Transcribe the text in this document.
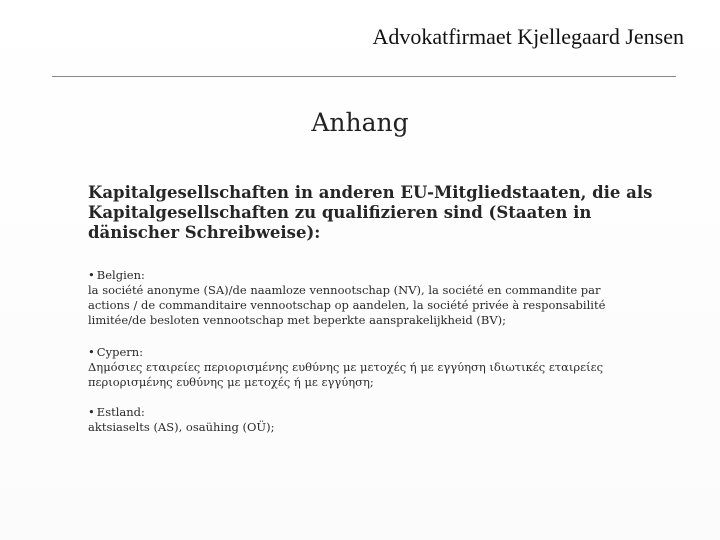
Advokatfirmaet Kjellegaard Jensen
Anhang
Kapitalgesellschaften in anderen EU-Mitgliedstaaten, die als
Kapitalgesellschaften zu qualifizieren sind (Staaten in
dänischer Schreibweise):
• Belgien:
la société anonyme (SA)/de naamloze vennootschap (NV), la société en commandite par
actions / de commanditaire vennootschap op aandelen, la société privée à responsabilité
limitée/de besloten vennootschap met beperkte aansprakelijkheid (BV);
• Cypern:
Δημόσιες εταιρείες περιορισμένης ευθύνης με μετοχές ή με εγγύηση ιδιωτικές εταιρείες
περιορισμένης ευθύνης με μετοχές ή με εγγύηση;
• Estland:
aktsiaselts (AS), osaühing (OÜ);
